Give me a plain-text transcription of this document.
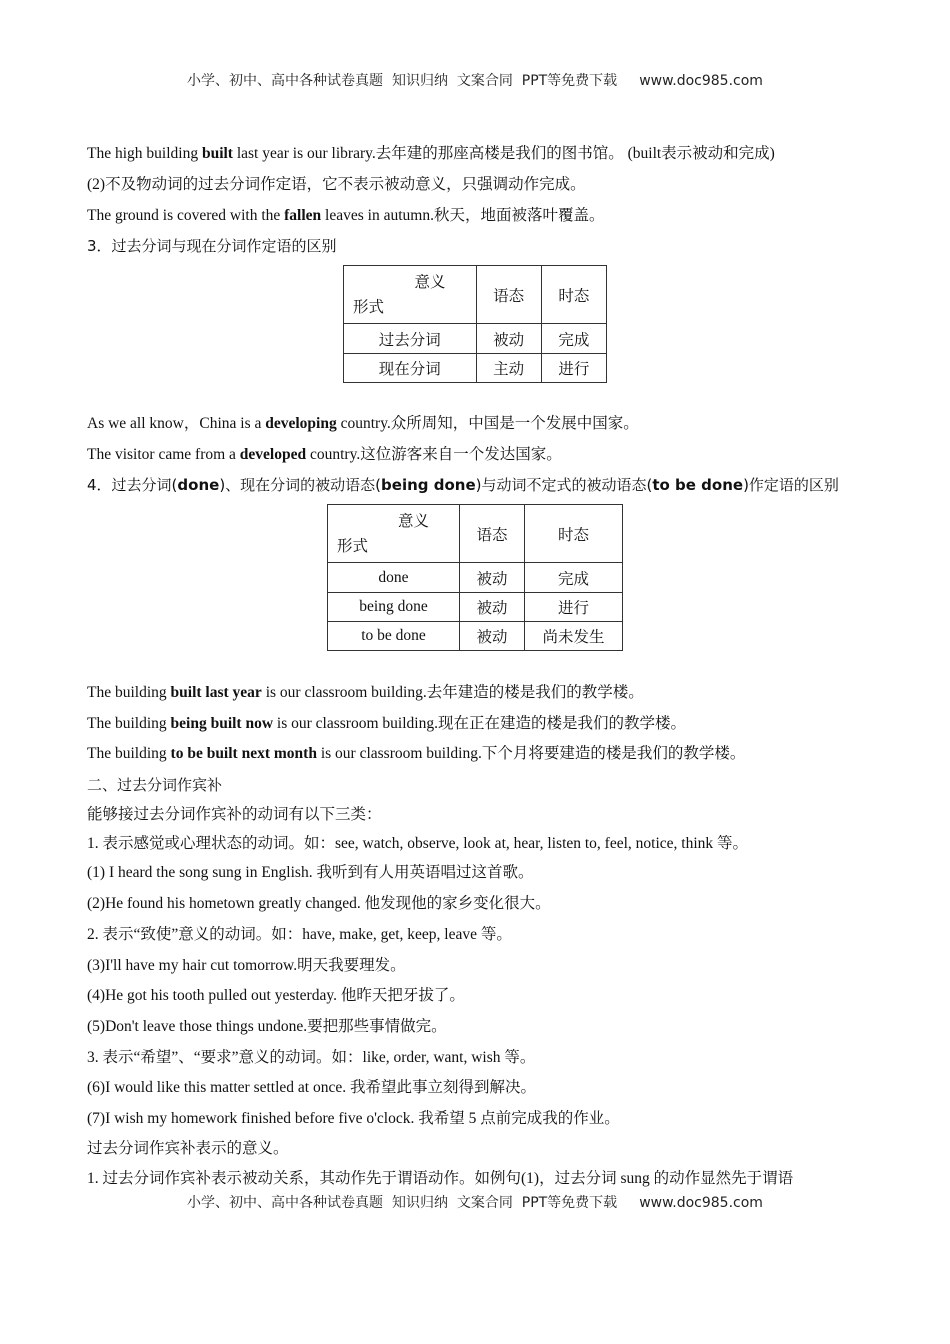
小学、初中、高中各种试卷真题  知识归纳  文案合同  PPT等免费下载 www.doc985.com
The high building built last year is our library.去年建的那座高楼是我们的图书馆。 (built表示被动和完成)
(2)不及物动词的过去分词作定语，它不表示被动意义，只强调动作完成。
The ground is covered with the fallen leaves in autumn.秋天，地面被落叶覆盖。
3．过去分词与现在分词作定语的区别
意义
形式	语态	时态
过去分词	被动	完成
现在分词	主动	进行
As we all know，China is a developing country.众所周知，中国是一个发展中国家。
The visitor came from a developed country.这位游客来自一个发达国家。
4．过去分词(done)、现在分词的被动语态(being done)与动词不定式的被动语态(to be done)作定语的区别
意义
形式	语态	时态
done	被动	完成
being done	被动	进行
to be done	被动	尚未发生
The building built last year is our classroom building.去年建造的楼是我们的教学楼。
The building being built now is our classroom building.现在正在建造的楼是我们的教学楼。
The building to be built next month is our classroom building.下个月将要建造的楼是我们的教学楼。
二、过去分词作宾补
能够接过去分词作宾补的动词有以下三类：
1. 表示感觉或心理状态的动词。如：see, watch, observe, look at, hear, listen to, feel, notice, think 等。
(1) I heard the song sung in English. 我听到有人用英语唱过这首歌。
(2)He found his hometown greatly changed. 他发现他的家乡变化很大。
2. 表示“致使”意义的动词。如：have, make, get, keep, leave 等。
(3)I'll have my hair cut tomorrow.明天我要理发。
(4)He got his tooth pulled out yesterday. 他昨天把牙拔了。
(5)Don't leave those things undone.要把那些事情做完。
3. 表示“希望”、“要求”意义的动词。如：like, order, want, wish 等。
(6)I would like this matter settled at once. 我希望此事立刻得到解决。
(7)I wish my homework finished before five o'clock. 我希望 5 点前完成我的作业。
过去分词作宾补表示的意义。
1. 过去分词作宾补表示被动关系，其动作先于谓语动作。如例句(1)，过去分词 sung 的动作显然先于谓语
小学、初中、高中各种试卷真题  知识归纳  文案合同  PPT等免费下载 www.doc985.com
